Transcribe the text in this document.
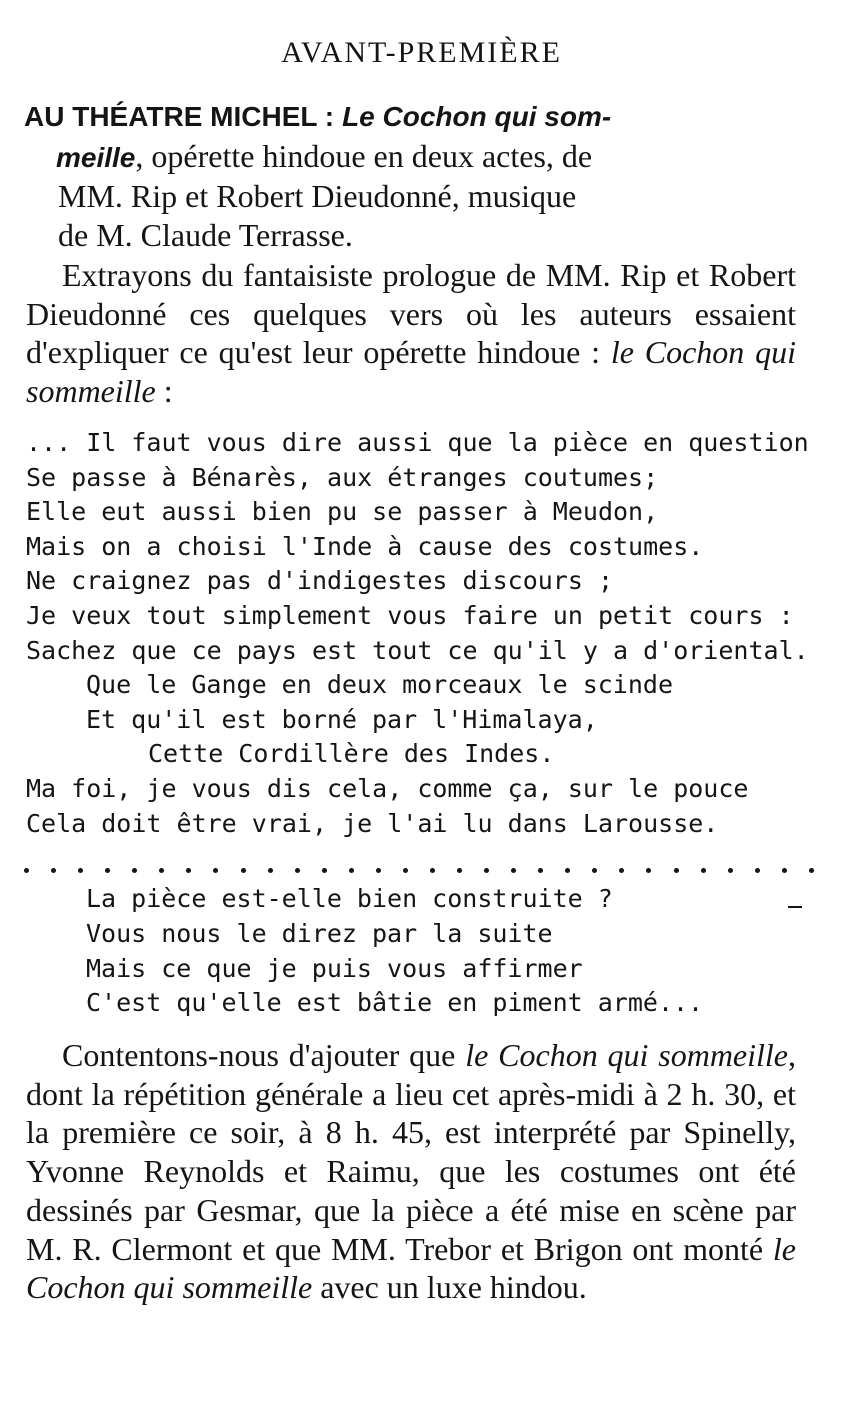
AVANT-PREMIÈRE
AU THÉATRE MICHEL : Le Cochon qui som-
meille, opérette hindoue en deux actes, de
MM. Rip et Robert Dieudonné, musique
de M. Claude Terrasse.
Extrayons du fantaisiste prologue de MM. Rip et Robert Dieudonné ces quelques vers où les auteurs essaient d'expliquer ce qu'est leur opérette hindoue : le Cochon qui sommeille :
... Il faut vous dire aussi que la pièce en question
Se passe à Bénarès, aux étranges coutumes;
Elle eut aussi bien pu se passer à Meudon,
Mais on a choisi l'Inde à cause des costumes.
Ne craignez pas d'indigestes discours ;
Je veux tout simplement vous faire un petit cours :
Sachez que ce pays est tout ce qu'il y a d'oriental.
Que le Gange en deux morceaux le scinde
Et qu'il est borné par l'Himalaya,
Cette Cordillère des Indes.
Ma foi, je vous dis cela, comme ça, sur le pouce
Cela doit être vrai, je l'ai lu dans Larousse.
La pièce est-elle bien construite ?
Vous nous le direz par la suite
Mais ce que je puis vous affirmer
C'est qu'elle est bâtie en piment armé...
Contentons-nous d'ajouter que le Cochon qui sommeille, dont la répétition générale a lieu cet après-midi à 2 h. 30, et la première ce soir, à 8 h. 45, est interprété par Spinelly, Yvonne Reynolds et Raimu, que les costumes ont été dessinés par Gesmar, que la pièce a été mise en scène par M. R. Clermont et que MM. Trebor et Brigon ont monté le Cochon qui sommeille avec un luxe hindou.
